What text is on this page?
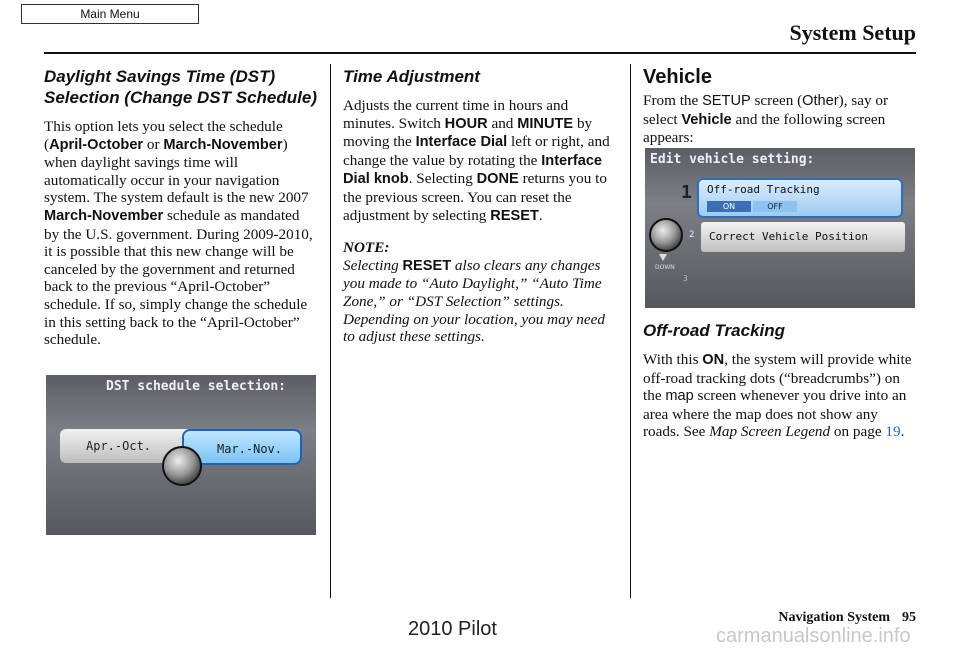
Main Menu
System Setup
Daylight Savings Time (DST) Selection (Change DST Schedule)

This option lets you select the schedule (April-October or March-November) when daylight savings time will automatically occur in your navigation system. The system default is the new 2007 March-November schedule as mandated by the U.S. government. During 2009-2010, it is possible that this new change will be canceled by the government and returned back to the previous “April-October” schedule. If so, simply change the schedule in this setting back to the “April-October” schedule.

DST schedule selection:
Apr.-Oct.	Mar.-Nov.
Time Adjustment

Adjusts the current time in hours and minutes. Switch HOUR and MINUTE by moving the Interface Dial left or right, and change the value by rotating the Interface Dial knob. Selecting DONE returns you to the previous screen. You can reset the adjustment by selecting RESET.

NOTE:
Selecting RESET also clears any changes you made to “Auto Daylight,” “Auto Time Zone,” or “DST Selection” settings. Depending on your location, you may need to adjust these settings.

Vehicle

From the SETUP screen (Other), say or select Vehicle and the following screen appears:

Edit vehicle setting:
1 Off-road Tracking
ON	OFF
2	Correct Vehicle Position
DOWN
3
Off-road Tracking

With this ON, the system will provide white off-road tracking dots (“breadcrumbs”) on the map screen whenever you drive into an area where the map does not show any roads. See Map Screen Legend on page 19.

Navigation System 95
2010 Pilot	carmanualsonline.info
